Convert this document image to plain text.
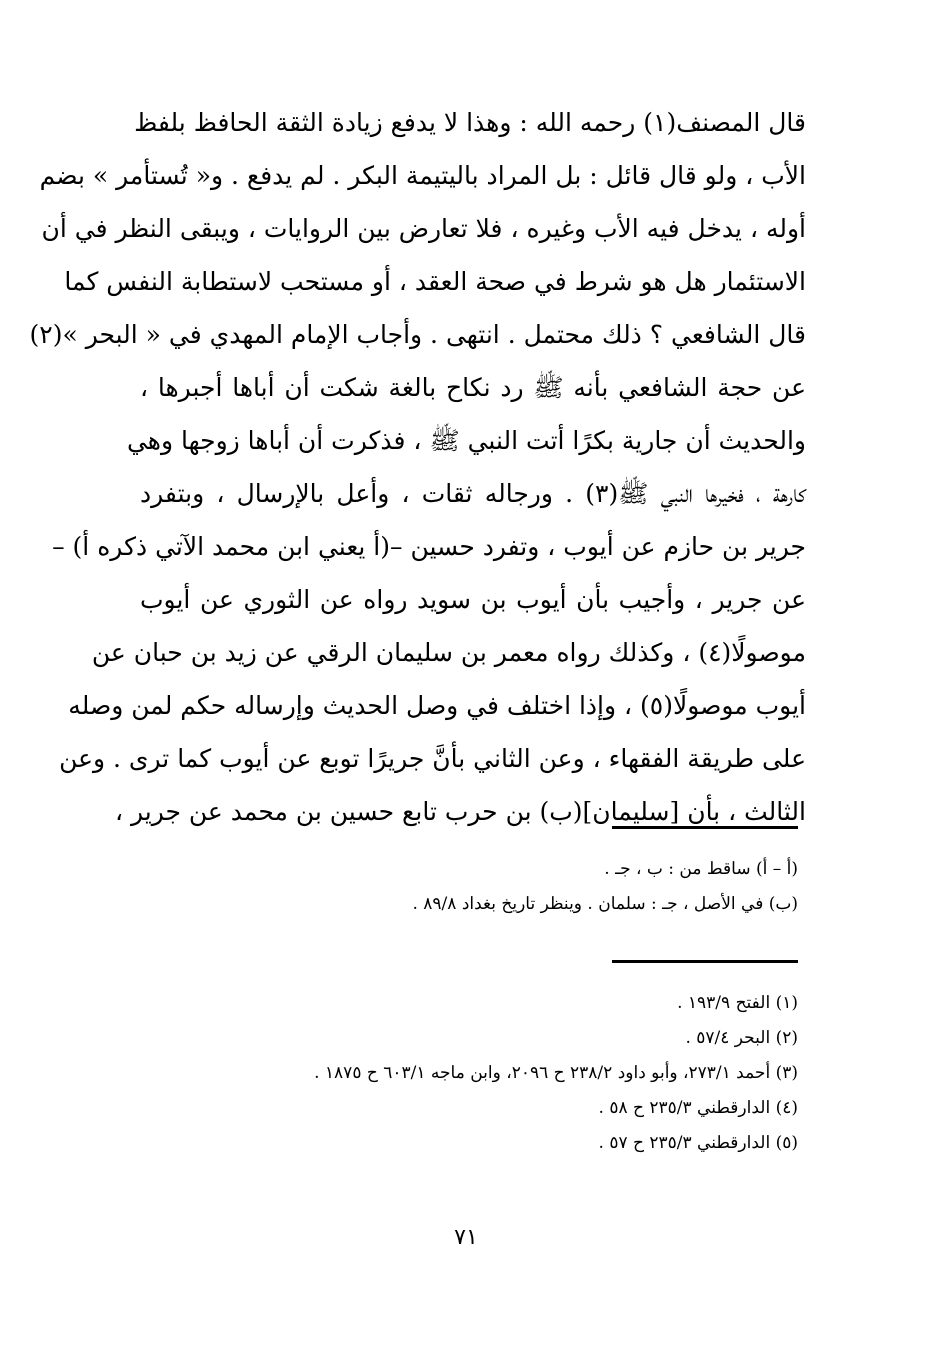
قال المصنف(١) رحمه الله : وهذا لا يدفع زيادة الثقة الحافظ بلفظ
الأب ، ولو قال قائل : بل المراد باليتيمة البكر . لم يدفع . و« تُستأمر » بضم
أوله ، يدخل فيه الأب وغيره ، فلا تعارض بين الروايات ، ويبقى النظر في أن
الاستئمار هل هو شرط في صحة العقد ، أو مستحب لاستطابة النفس كما
قال الشافعي ؟ ذلك محتمل . انتهى . وأجاب الإمام المهدي في « البحر »(٢)
عن حجة الشافعي بأنه ﷺ رد نكاح بالغة شكت أن أباها أجبرها ،
والحديث أن جارية بكرًا أتت النبي ﷺ ، فذكرت أن أباها زوجها وهي
كارهة ، فخيرها النبي ﷺ(٣) . ورجاله ثقات ، وأعل بالإرسال ، وبتفرد
جرير بن حازم عن أيوب ، وتفرد حسين –(أ يعني ابن محمد الآتي ذكره أ) –
عن جرير ، وأجيب بأن أيوب بن سويد رواه عن الثوري عن أيوب
موصولًا(٤) ، وكذلك رواه معمر بن سليمان الرقي عن زيد بن حبان عن
أيوب موصولًا(٥) ، وإذا اختلف في وصل الحديث وإرساله حكم لمن وصله
على طريقة الفقهاء ، وعن الثاني بأنَّ جريرًا توبع عن أيوب كما ترى . وعن
الثالث ، بأن [سليمان](ب) بن حرب تابع حسين بن محمد عن جرير ،
(أ – أ) ساقط من : ب ، جـ .
(ب) في الأصل ، جـ : سلمان . وينظر تاريخ بغداد ٨٩/٨ .
(١) الفتح ١٩٣/٩ .
(٢) البحر ٥٧/٤ .
(٣) أحمد ٢٧٣/١، وأبو داود ٢٣٨/٢ ح ٢٠٩٦، وابن ماجه ٦٠٣/١ ح ١٨٧٥ .
(٤) الدارقطني ٢٣٥/٣ ح ٥٨ .
(٥) الدارقطني ٢٣٥/٣ ح ٥٧ .
٧١
